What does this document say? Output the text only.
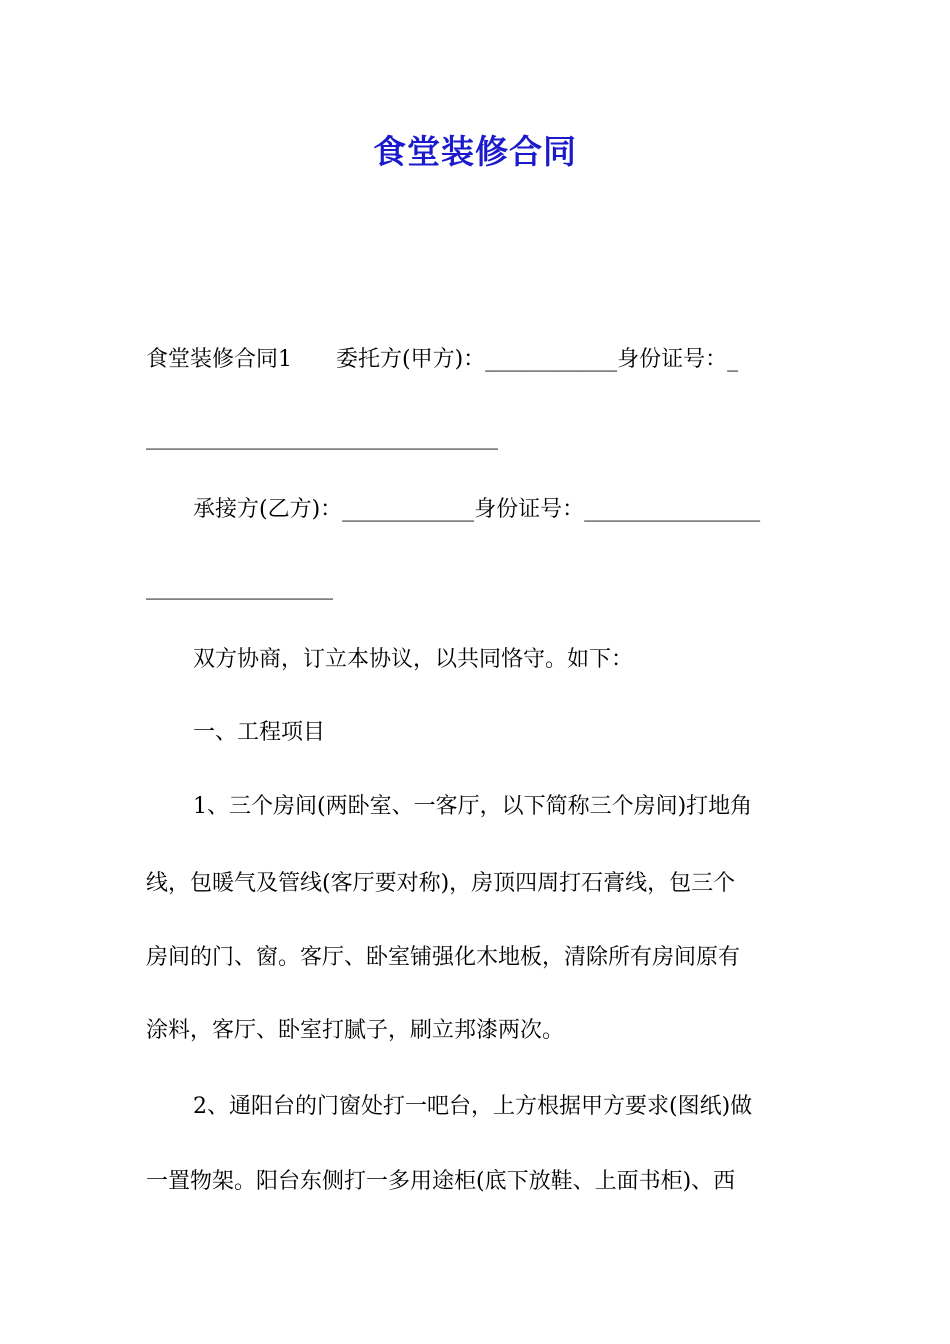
食堂装修合同
食堂装修合同1　　委托方(甲方)：____________身份证号：_
________________________________
承接方(乙方)：____________身份证号：________________
_________________
双方协商，订立本协议，以共同恪守。如下：
一、工程项目
1、三个房间(两卧室、一客厅，以下简称三个房间)打地角
线，包暖气及管线(客厅要对称)，房顶四周打石膏线，包三个
房间的门、窗。客厅、卧室铺强化木地板，清除所有房间原有
涂料，客厅、卧室打腻子，刷立邦漆两次。
2、通阳台的门窗处打一吧台，上方根据甲方要求(图纸)做
一置物架。阳台东侧打一多用途柜(底下放鞋、上面书柜)、西
